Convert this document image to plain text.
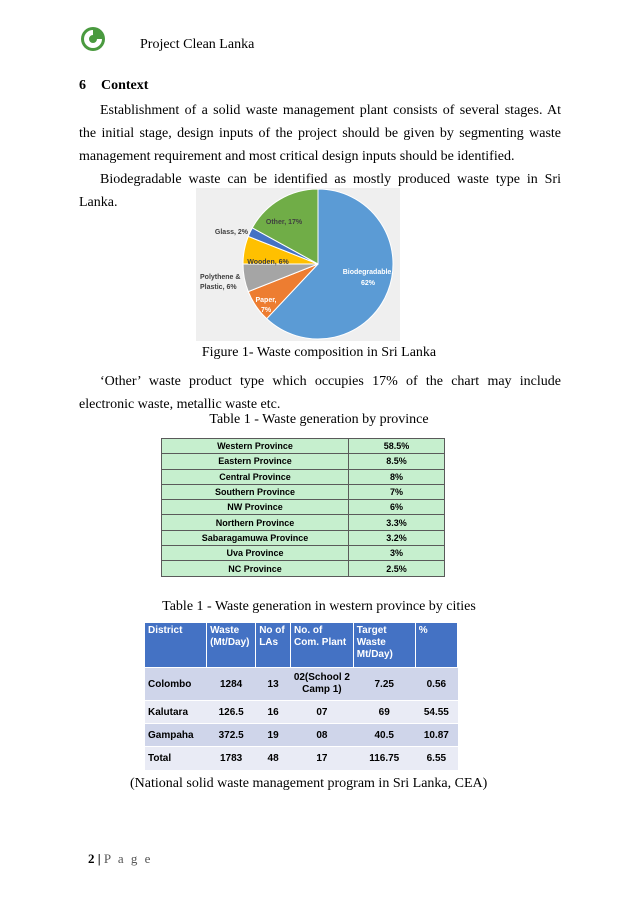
Project Clean Lanka
6 Context
Establishment of a solid waste management plant consists of several stages. At the initial stage, design inputs of the project should be given by segmenting waste management requirement and most critical design inputs should be identified.
Biodegradable waste can be identified as mostly produced waste type in Sri Lanka.
Biodegradable,
62%
Paper,
7%
Polythene &
Plastic, 6%
Wooden, 6%
Glass, 2%
Other, 17%
Figure 1- Waste composition in Sri Lanka
‘Other’ waste product type which occupies 17% of the chart may include electronic waste, metallic waste etc.
Table 1 - Waste generation by province
Western Province	58.5%
Eastern Province	8.5%
Central Province	8%
Southern Province	7%
NW Province	6%
Northern Province	3.3%
Sabaragamuwa Province	3.2%
Uva Province	3%
NC Province	2.5%
Table 1 - Waste generation in western province by cities
District	Waste (Mt/Day)	No of LAs	No. of Com. Plant	Target Waste Mt/Day)	%
Colombo	1284	13	02(School 2 Camp 1)	7.25	0.56
Kalutara	126.5	16	07	69	54.55
Gampaha	372.5	19	08	40.5	10.87
Total	1783	48	17	116.75	6.55
(National solid waste management program in Sri Lanka, CEA)
2 | P a g e
